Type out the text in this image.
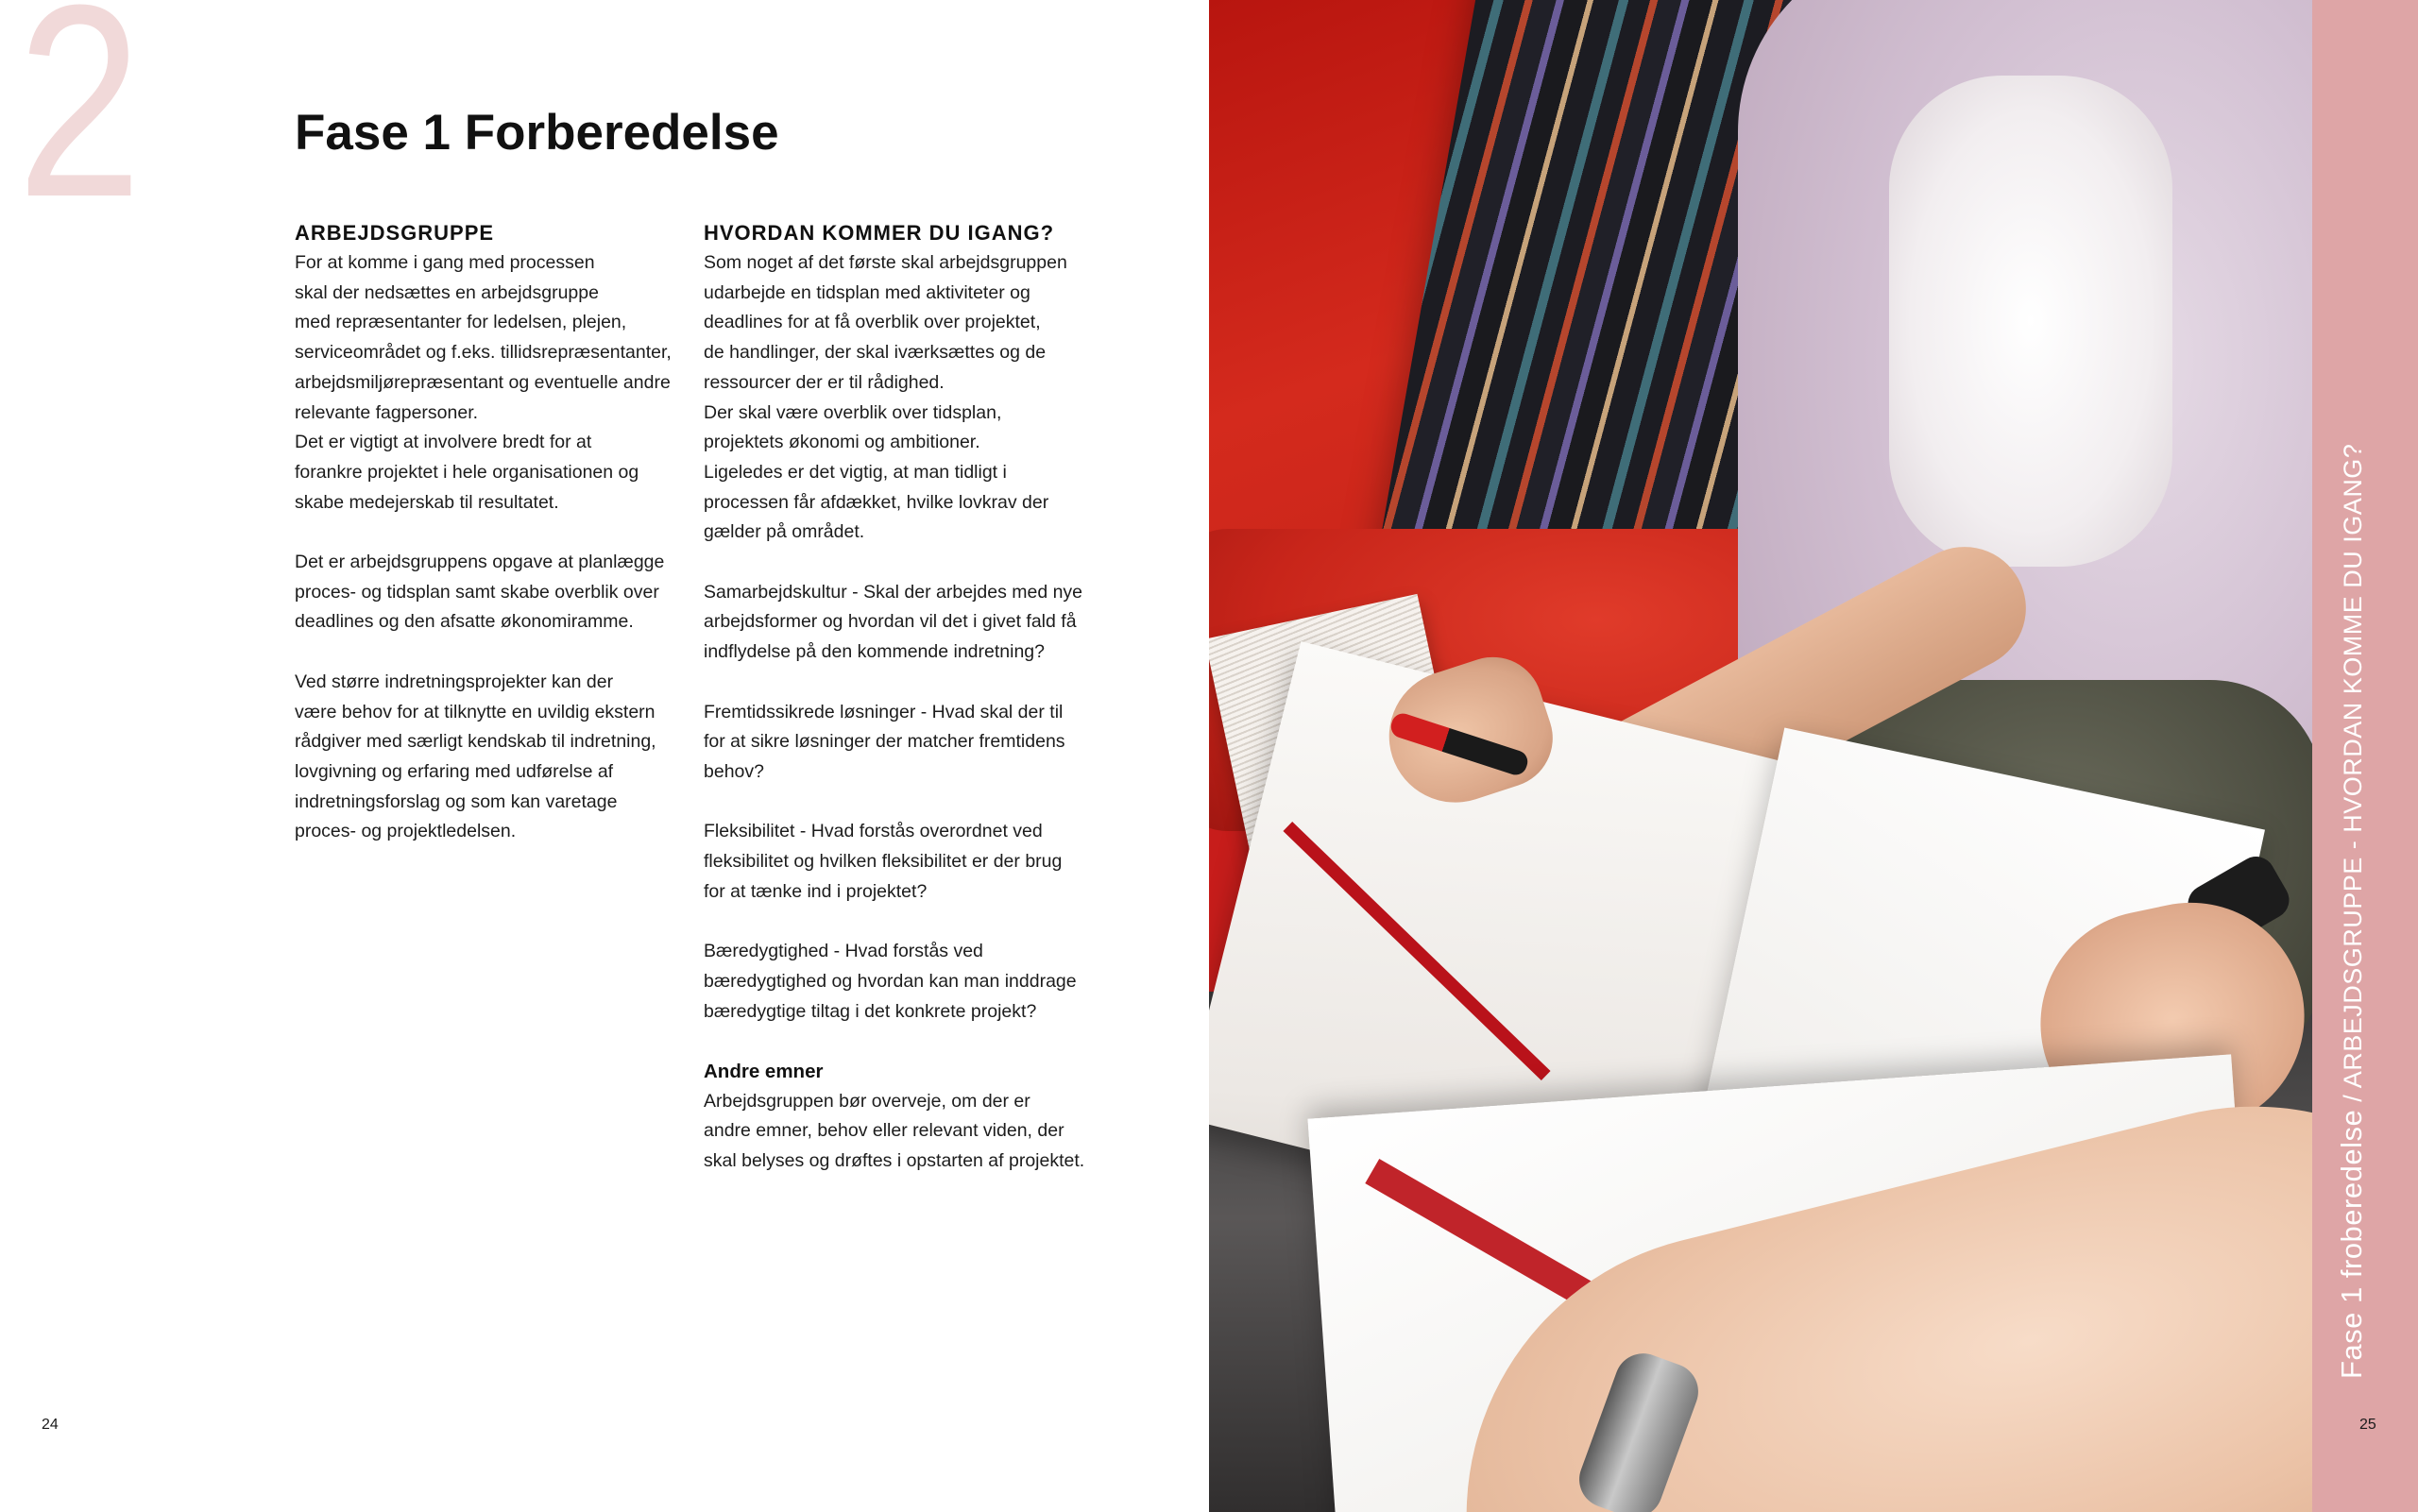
2	Fase 1 Forberedelse
ARBEJDSGRUPPE
For at komme i gang med processen
skal der nedsættes en arbejdsgruppe
med repræsentanter for ledelsen, plejen,
serviceområdet og f.eks. tillidsrepræsentanter,
arbejdsmiljørepræsentant og eventuelle andre
relevante fagpersoner.
Det er vigtigt at involvere bredt for at
forankre projektet i hele organisationen og
skabe medejerskab til resultatet.
Det er arbejdsgruppens opgave at planlægge
proces- og tidsplan samt skabe overblik over
deadlines og den afsatte økonomiramme.
Ved større indretningsprojekter kan der
være behov for at tilknytte en uvildig ekstern
rådgiver med særligt kendskab til indretning,
lovgivning og erfaring med udførelse af
indretningsforslag og som kan varetage
proces- og projektledelsen.
HVORDAN KOMMER DU IGANG?
Som noget af det første skal arbejdsgruppen
udarbejde en tidsplan med aktiviteter og
deadlines for at få overblik over projektet,
de handlinger, der skal iværksættes og de
ressourcer der er til rådighed.
Der skal være overblik over tidsplan,
projektets økonomi og ambitioner.
Ligeledes er det vigtig, at man tidligt i
processen får afdækket, hvilke lovkrav der
gælder på området.
Samarbejdskultur - Skal der arbejdes med nye
arbejdsformer og hvordan vil det i givet fald få
indflydelse på den kommende indretning?
Fremtidssikrede løsninger - Hvad skal der til
for at sikre løsninger der matcher fremtidens
behov?
Fleksibilitet - Hvad forstås overordnet ved
fleksibilitet og hvilken fleksibilitet er der brug
for at tænke ind i projektet?
Bæredygtighed - Hvad forstås ved
bæredygtighed og hvordan kan man inddrage
bæredygtige tiltag i det konkrete projekt?
Andre emner
Arbejdsgruppen bør overveje, om der er
andre emner, behov eller relevant viden, der
skal belyses og drøftes i opstarten af projektet.
24
Fase 1 froberedelse / ARBEJDSGRUPPE - HVORDAN KOMME DU IGANG?
25
